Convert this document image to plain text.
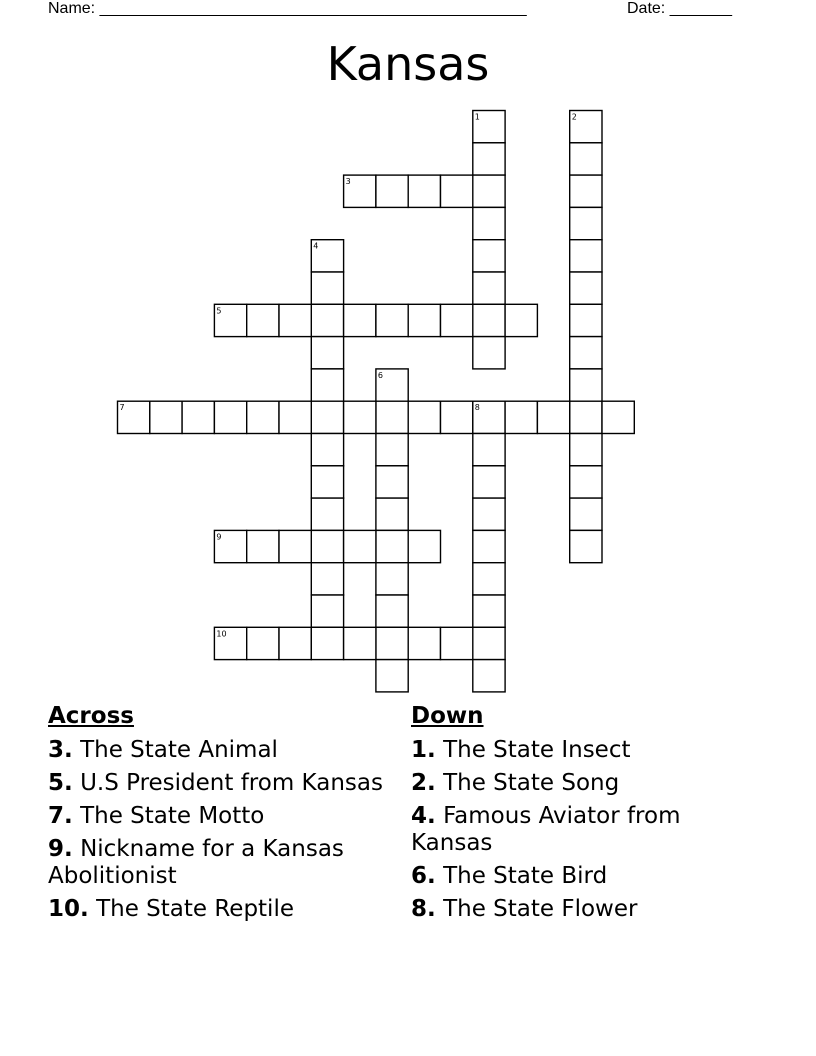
Name: ________________________________________________	Date: _______
Kansas
1	2
3
4
5
6
7	8
9
10
Across
3. The State Animal
5. U.S President from Kansas
7. The State Motto
9. Nickname for a Kansas Abolitionist
10. The State Reptile
Down
1. The State Insect
2. The State Song
4. Famous Aviator from Kansas
6. The State Bird
8. The State Flower
